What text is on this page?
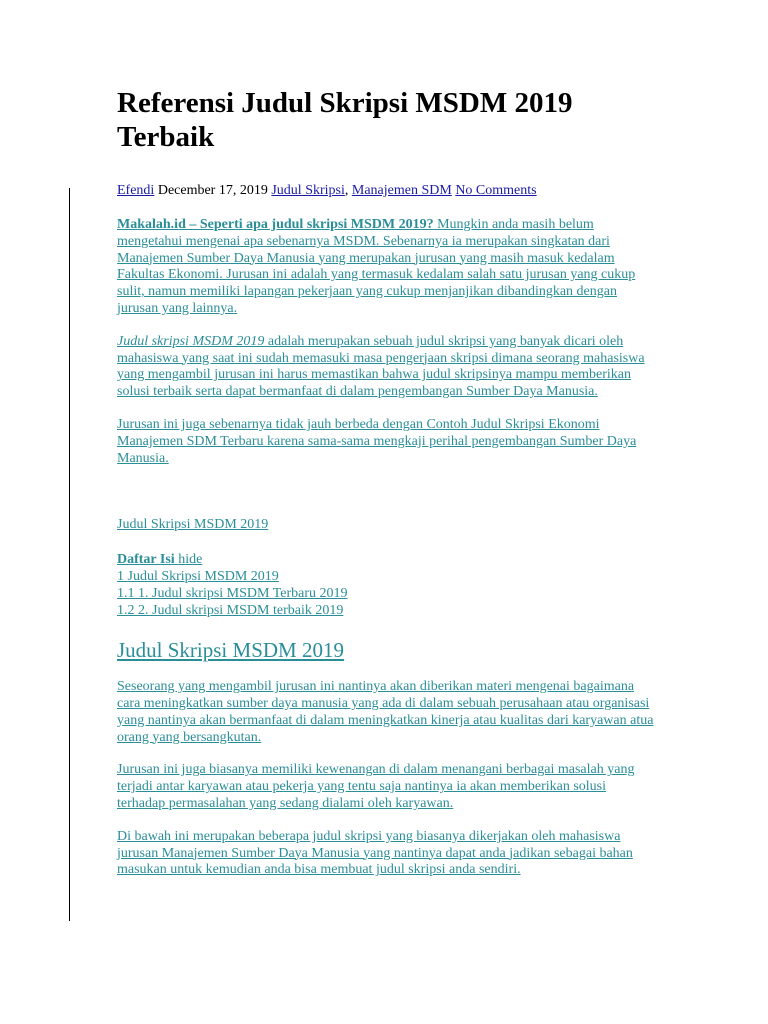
Referensi Judul Skripsi MSDM 2019 Terbaik
Efendi December 17, 2019 Judul Skripsi, Manajemen SDM No Comments

Makalah.id – Seperti apa judul skripsi MSDM 2019? Mungkin anda masih belum mengetahui mengenai apa sebenarnya MSDM. Sebenarnya ia merupakan singkatan dari Manajemen Sumber Daya Manusia yang merupakan jurusan yang masih masuk kedalam Fakultas Ekonomi. Jurusan ini adalah yang termasuk kedalam salah satu jurusan yang cukup sulit, namun memiliki lapangan pekerjaan yang cukup menjanjikan dibandingkan dengan jurusan yang lainnya.

Judul skripsi MSDM 2019 adalah merupakan sebuah judul skripsi yang banyak dicari oleh mahasiswa yang saat ini sudah memasuki masa pengerjaan skripsi dimana seorang mahasiswa yang mengambil jurusan ini harus memastikan bahwa judul skripsinya mampu memberikan solusi terbaik serta dapat bermanfaat di dalam pengembangan Sumber Daya Manusia.

Jurusan ini juga sebenarnya tidak jauh berbeda dengan Contoh Judul Skripsi Ekonomi Manajemen SDM Terbaru karena sama-sama mengkaji perihal pengembangan Sumber Daya Manusia.

Judul Skripsi MSDM 2019

Daftar Isi hide
1 Judul Skripsi MSDM 2019
1.1 1. Judul skripsi MSDM Terbaru 2019
1.2 2. Judul skripsi MSDM terbaik 2019
Judul Skripsi MSDM 2019

Seseorang yang mengambil jurusan ini nantinya akan diberikan materi mengenai bagaimana cara meningkatkan sumber daya manusia yang ada di dalam sebuah perusahaan atau organisasi yang nantinya akan bermanfaat di dalam meningkatkan kinerja atau kualitas dari karyawan atua orang yang bersangkutan.

Jurusan ini juga biasanya memiliki kewenangan di dalam menangani berbagai masalah yang terjadi antar karyawan atau pekerja yang tentu saja nantinya ia akan memberikan solusi terhadap permasalahan yang sedang dialami oleh karyawan.

Di bawah ini merupakan beberapa judul skripsi yang biasanya dikerjakan oleh mahasiswa jurusan Manajemen Sumber Daya Manusia yang nantinya dapat anda jadikan sebagai bahan masukan untuk kemudian anda bisa membuat judul skripsi anda sendiri.
